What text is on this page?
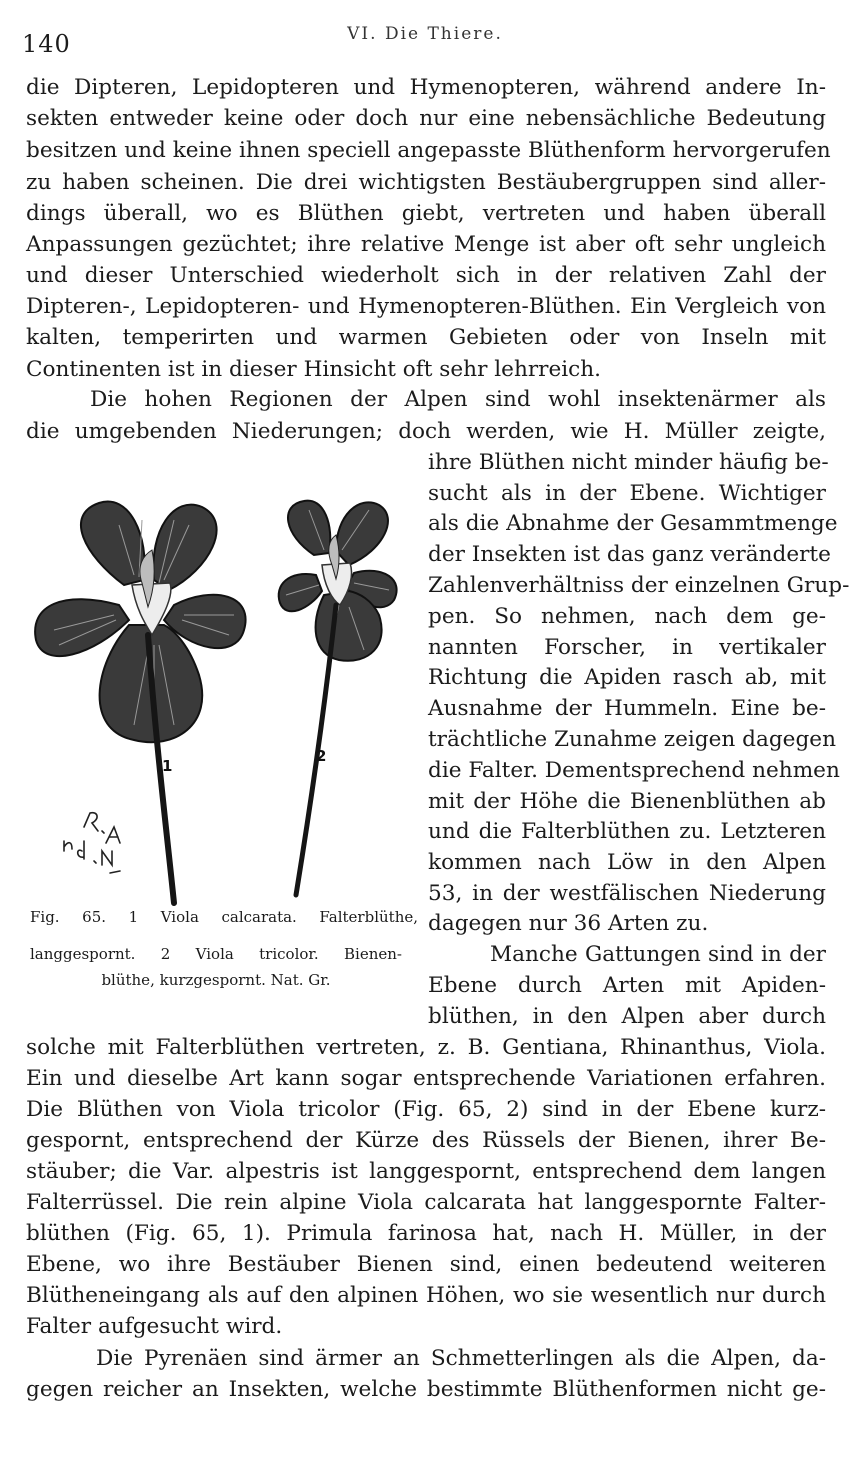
140	VI. Die Thiere.
die Dipteren, Lepidopteren und Hymenopteren, während andere In-
sekten entweder keine oder doch nur eine nebensächliche Bedeutung
besitzen und keine ihnen speciell angepasste Blüthenform hervorgerufen
zu haben scheinen. Die drei wichtigsten Bestäubergruppen sind aller-
dings überall, wo es Blüthen giebt, vertreten und haben überall
Anpassungen gezüchtet; ihre relative Menge ist aber oft sehr ungleich
und dieser Unterschied wiederholt sich in der relativen Zahl der
Dipteren-, Lepidopteren- und Hymenopteren-Blüthen. Ein Vergleich von
kalten, temperirten und warmen Gebieten oder von Inseln mit
Continenten ist in dieser Hinsicht oft sehr lehrreich.
Die hohen Regionen der Alpen sind wohl insektenärmer als
die umgebenden Niederungen; doch werden, wie H. Müller zeigte,
ihre Blüthen nicht minder häufig be-
sucht als in der Ebene. Wichtiger
als die Abnahme der Gesammtmenge
der Insekten ist das ganz veränderte
Zahlenverhältniss der einzelnen Grup-
pen. So nehmen, nach dem ge-
nannten Forscher, in vertikaler
Richtung die Apiden rasch ab, mit
Ausnahme der Hummeln. Eine be-
trächtliche Zunahme zeigen dagegen
die Falter. Dementsprechend nehmen
mit der Höhe die Bienenblüthen ab
und die Falterblüthen zu. Letzteren
kommen nach Löw in den Alpen
53, in der westfälischen Niederung
dagegen nur 36 Arten zu.
Manche Gattungen sind in der
Ebene durch Arten mit Apiden-
blüthen, in den Alpen aber durch
solche mit Falterblüthen vertreten, z. B. Gentiana, Rhinanthus, Viola.
Ein und dieselbe Art kann sogar entsprechende Variationen erfahren.
Die Blüthen von Viola tricolor (Fig. 65, 2) sind in der Ebene kurz-
gespornt, entsprechend der Kürze des Rüssels der Bienen, ihrer Be-
stäuber; die Var. alpestris ist langgespornt, entsprechend dem langen
Falterrüssel. Die rein alpine Viola calcarata hat langgespornte Falter-
blüthen (Fig. 65, 1). Primula farinosa hat, nach H. Müller, in der
Ebene, wo ihre Bestäuber Bienen sind, einen bedeutend weiteren
Blütheneingang als auf den alpinen Höhen, wo sie wesentlich nur durch
Falter aufgesucht wird.
Die Pyrenäen sind ärmer an Schmetterlingen als die Alpen, da-
gegen reicher an Insekten, welche bestimmte Blüthenformen nicht ge-
1
2
Fig. 65. 1 Viola calcarata. Falterblüthe,
langgespornt. 2 Viola tricolor. Bienen-
blüthe, kurzgespornt. Nat. Gr.
